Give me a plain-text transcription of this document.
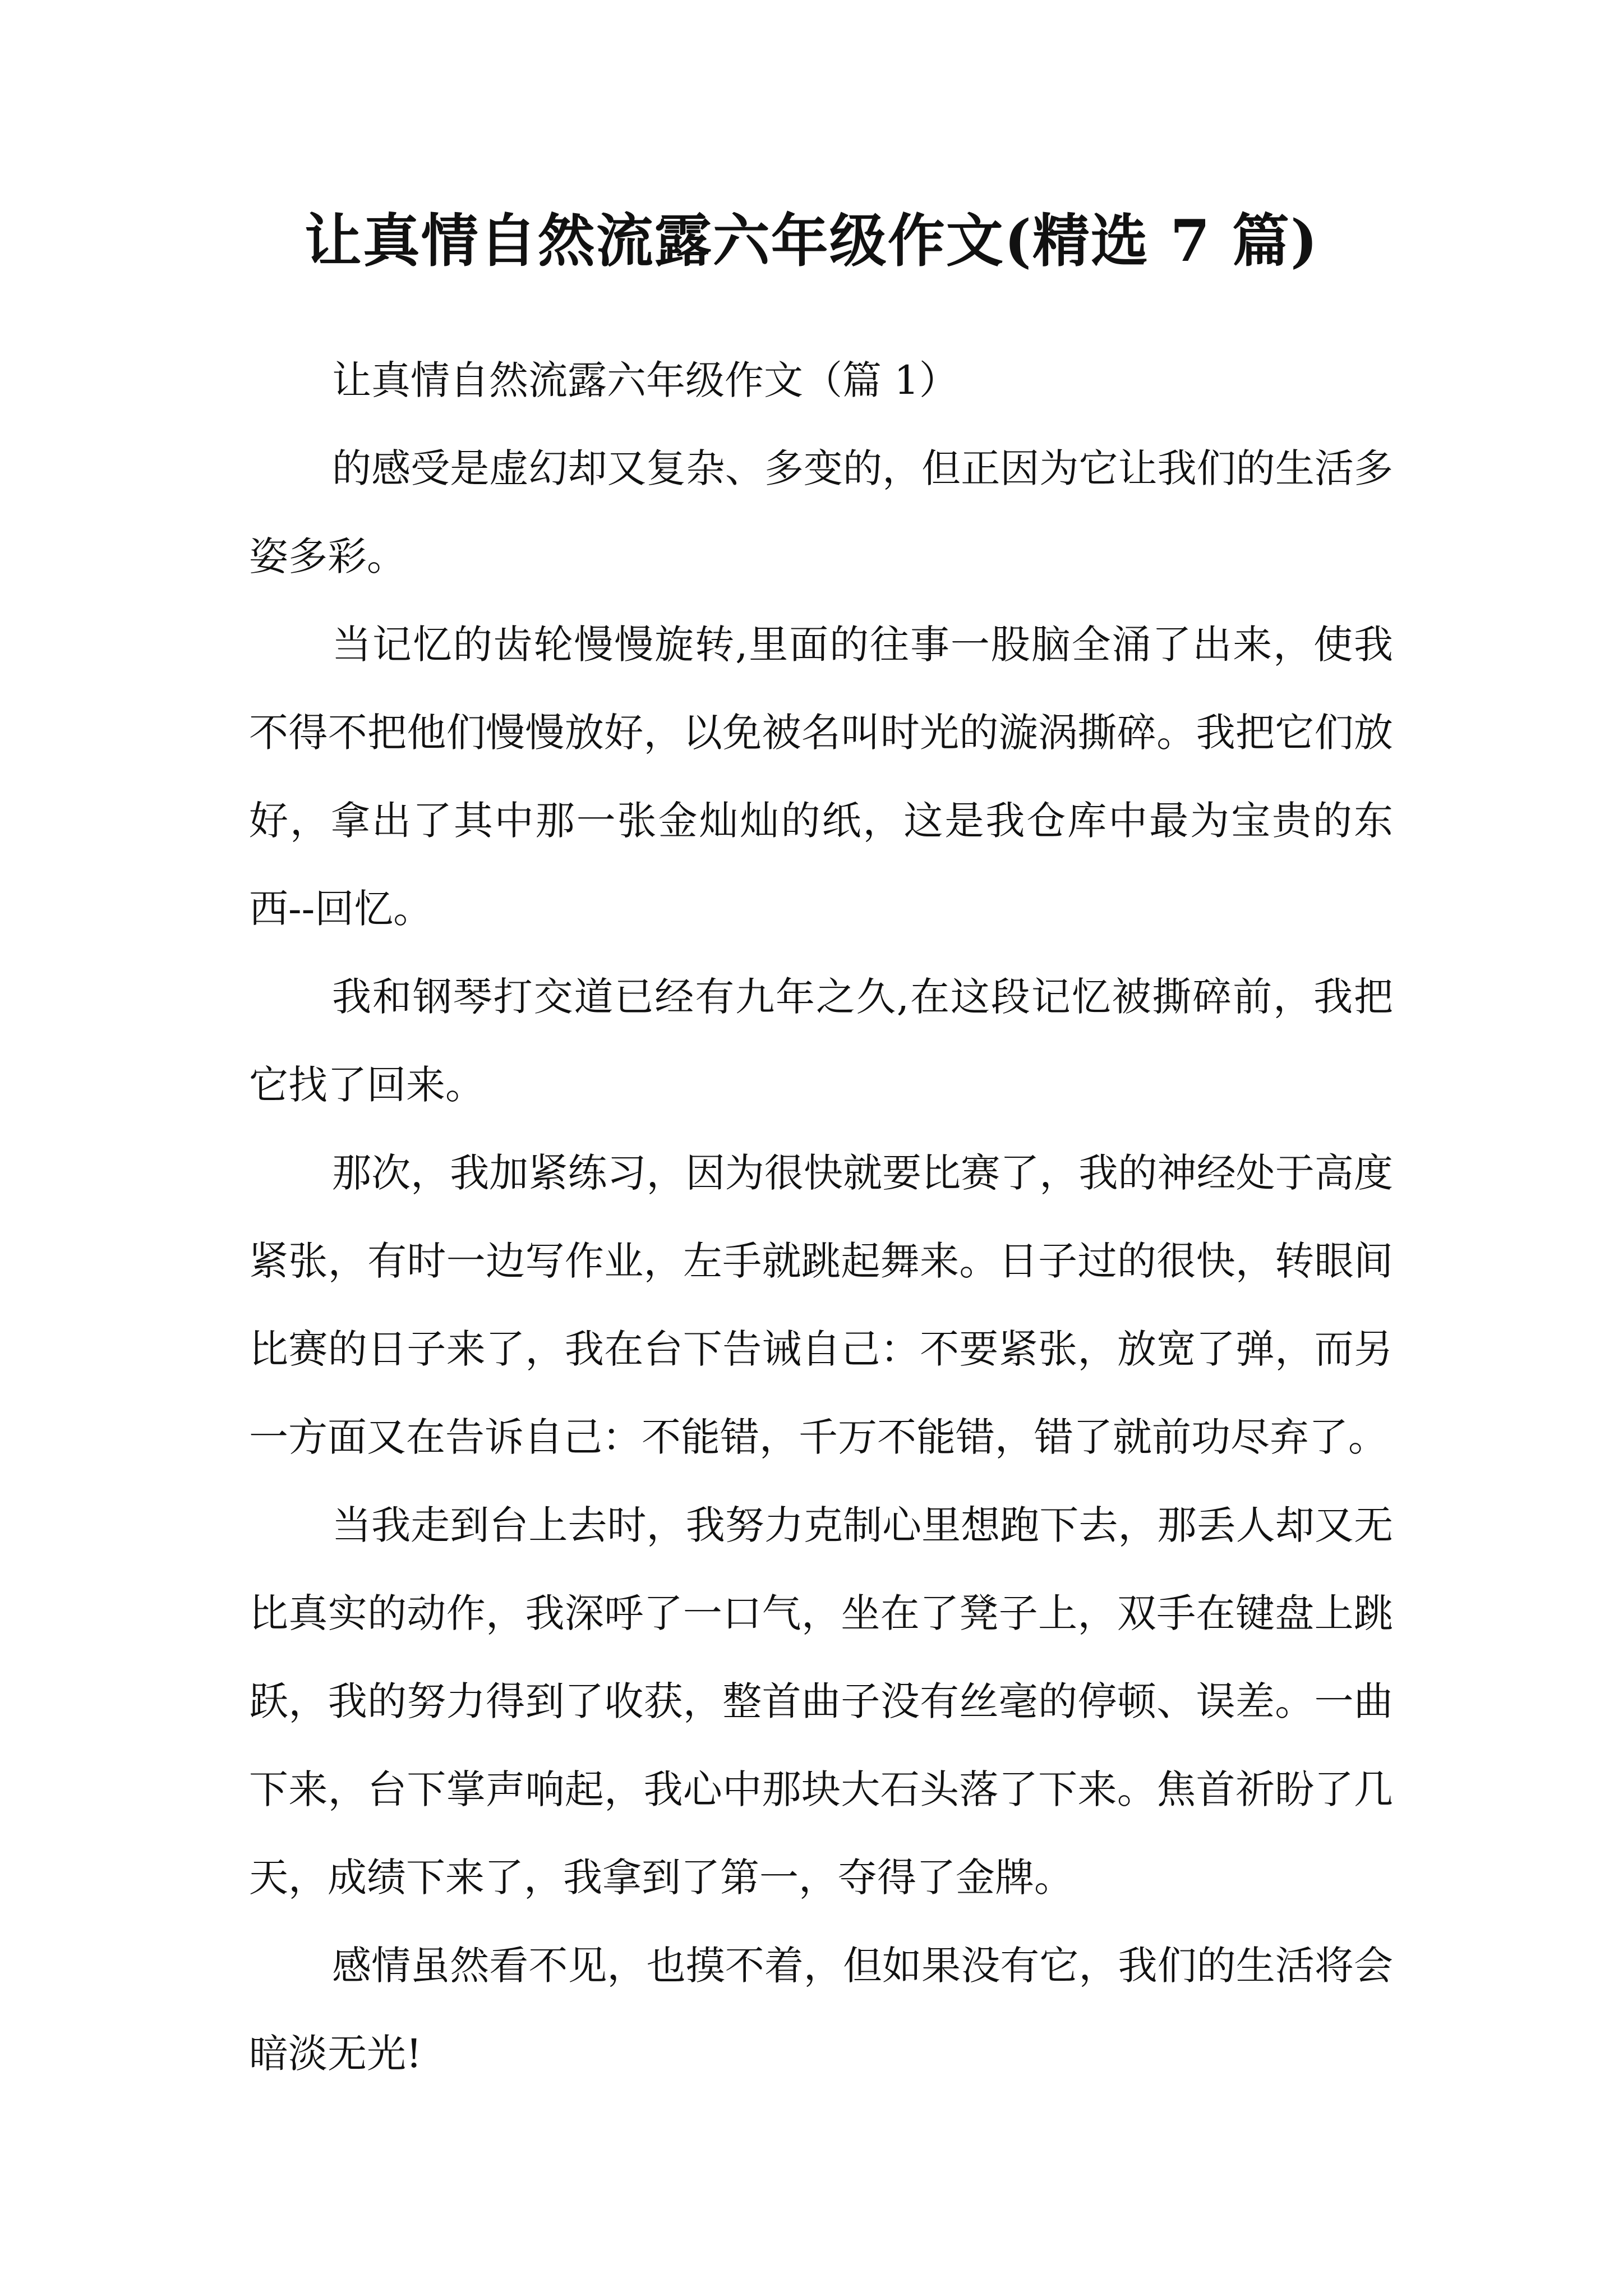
让真情自然流露六年级作文(精选 7 篇)

让真情自然流露六年级作文（篇 1）

的感受是虚幻却又复杂、多变的，但正因为它让我们的生活多姿多彩。

当记忆的齿轮慢慢旋转,里面的往事一股脑全涌了出来，使我不得不把他们慢慢放好，以免被名叫时光的漩涡撕碎。我把它们放好，拿出了其中那一张金灿灿的纸，这是我仓库中最为宝贵的东西--回忆。

我和钢琴打交道已经有九年之久,在这段记忆被撕碎前，我把它找了回来。

那次，我加紧练习，因为很快就要比赛了，我的神经处于高度紧张，有时一边写作业，左手就跳起舞来。日子过的很快，转眼间比赛的日子来了，我在台下告诫自己：不要紧张，放宽了弹，而另一方面又在告诉自己：不能错，千万不能错，错了就前功尽弃了。

当我走到台上去时，我努力克制心里想跑下去，那丢人却又无比真实的动作，我深呼了一口气，坐在了凳子上，双手在键盘上跳跃，我的努力得到了收获，整首曲子没有丝毫的停顿、误差。一曲下来，台下掌声响起，我心中那块大石头落了下来。焦首祈盼了几天，成绩下来了，我拿到了第一，夺得了金牌。

感情虽然看不见，也摸不着，但如果没有它，我们的生活将会暗淡无光!
